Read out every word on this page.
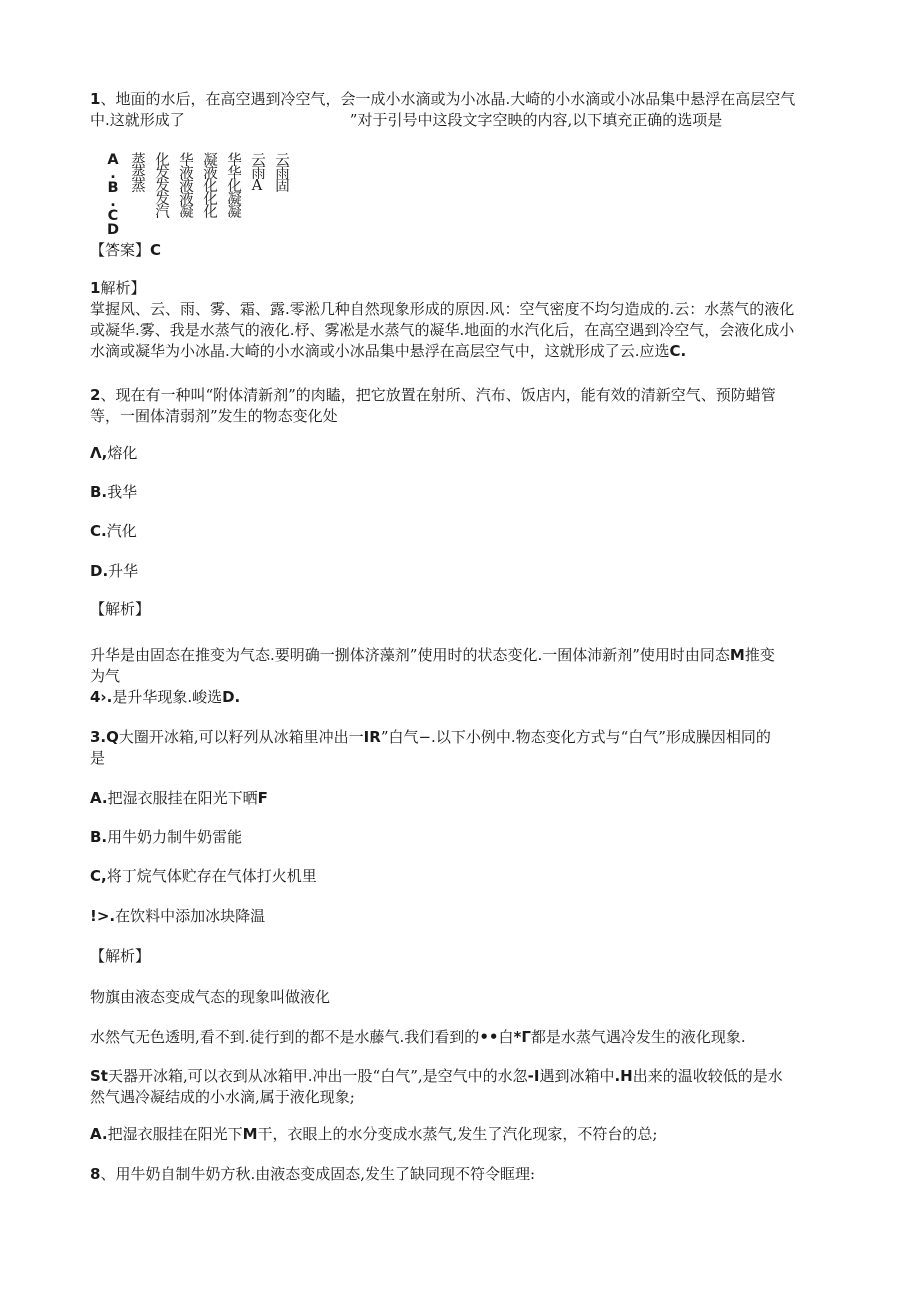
1、地面的水后，在高空遇到冷空气，会一成小水滴或为小冰晶.大崎的小水滴或小冰品集中悬浮在高层空气

中.这就形成了　　　　　　　　　　　”对于引号中这段文字空映的内容,以下填充正确的选项是

A.B.CD. 蒸蒸蒸 化发发发汽 华液液液凝 凝液化化化 华华化凝凝 云雨A 云雨固

【答案】C

1解析】

掌握风、云、雨、雾、霜、露.零淞几种自然现象形成的原因.风：空气密度不均匀造成的.云：水蒸气的液化

或凝华.雾、我是水蒸气的液化.杼、雾凇是水蒸气的凝华.地面的水汽化后，在高空遇到冷空气，会液化成小

水滴或凝华为小冰晶.大崎的小水滴或小冰品集中悬浮在高层空气中，这就形成了云.应选C.

2、现在有一种叫“附体清新剂”的肉瞌，把它放置在射所、汽布、饭店内，能有效的清新空气、预防蜡管

等，一囿体清弱剂”发生的物态变化处

Λ,熔化

B.我华

C.汽化

D.升华

【解析】

升华是由固态在推变为气态.要明确一捌体济藻剂”使用时的状态变化.一囿体沛新剂”使用时由同态M推变

为气

4›.是升华现象.峻选D.

3.Q大圈开冰箱,可以籽列从冰箱里冲出一IR”白气−.以下小例中.物态变化方式与“白气”形成臊因相同的

是

A.把湿衣服挂在阳光下晒F

B.用牛奶力制牛奶雷能

C,将丁烷气体贮存在气体打火机里

!>.在饮料中添加冰块降温

【解析】

物旗由液态变成气态的现象叫做液化

水然气无色透明,看不到.徒行到的都不是水藤气.我们看到的••白*Γ都是水蒸气遇冷发生的液化现象.

St天器开冰箱,可以衣到从冰箱甲.冲出一股“白气”,是空气中的水忽-I遇到冰箱中.H出来的温收较低的是水

然气遇冷凝结成的小水滴,属于液化现象;

A.把湿衣服挂在阳光下M干，衣眼上的水分变成水蒸气,发生了汽化现家，不符台的总;

8、用牛奶自制牛奶方秋.由液态变成固态,发生了缺同现不符令眶理:
